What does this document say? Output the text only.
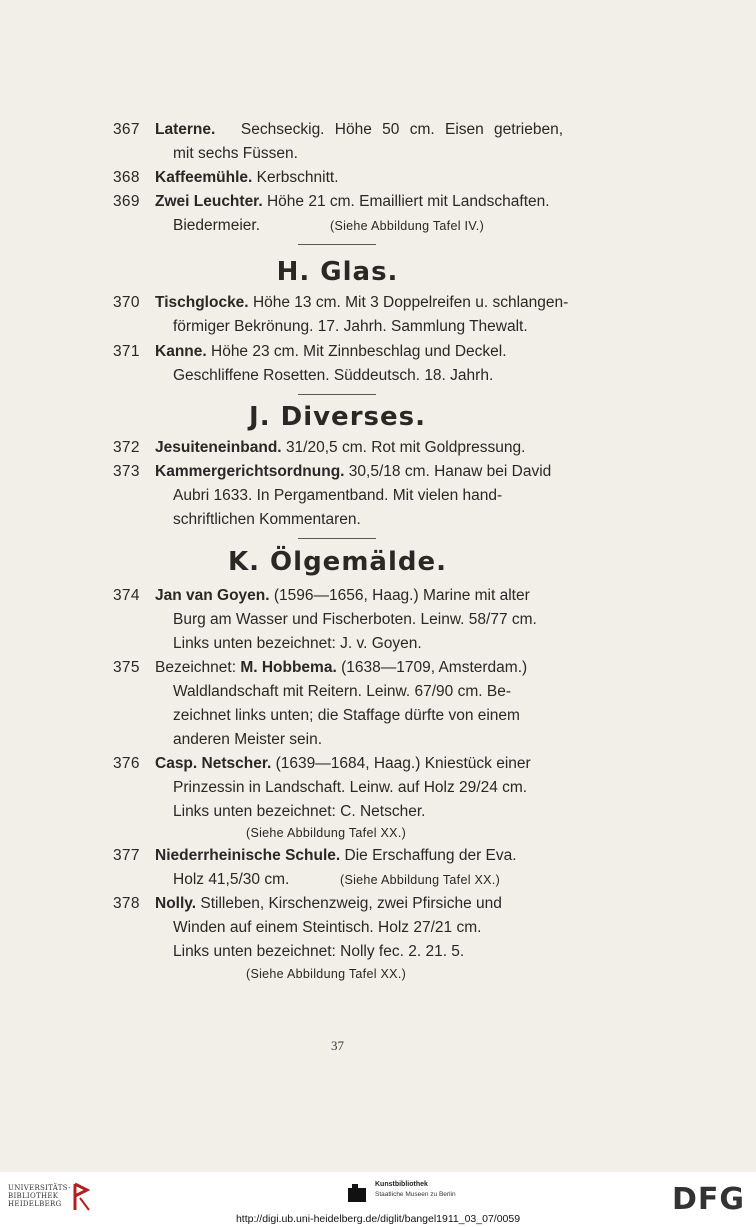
367 Laterne. Sechseckig. Höhe 50 cm. Eisen getrieben,
mit sechs Füssen.
368 Kaffeemühle. Kerbschnitt.
369 Zwei Leuchter. Höhe 21 cm. Emailliert mit Landschaften.
Biedermeier.	(Siehe Abbildung Tafel IV.)
H. Glas.
370 Tischglocke. Höhe 13 cm. Mit 3 Doppelreifen u. schlangen-
förmiger Bekrönung. 17. Jahrh. Sammlung Thewalt.
371 Kanne. Höhe 23 cm. Mit Zinnbeschlag und Deckel.
Geschliffene Rosetten. Süddeutsch. 18. Jahrh.
J. Diverses.
372 Jesuiteneinband. 31/20,5 cm. Rot mit Goldpressung.
373 Kammergerichtsordnung. 30,5/18 cm. Hanaw bei David
Aubri 1633. In Pergamentband. Mit vielen hand-
schriftlichen Kommentaren.
K. Ölgemälde.
374 Jan van Goyen. (1596—1656, Haag.) Marine mit alter
Burg am Wasser und Fischerboten. Leinw. 58/77 cm.
Links unten bezeichnet: J. v. Goyen.
375 Bezeichnet: M. Hobbema. (1638—1709, Amsterdam.)
Waldlandschaft mit Reitern. Leinw. 67/90 cm. Be-
zeichnet links unten; die Staffage dürfte von einem
anderen Meister sein.
376 Casp. Netscher. (1639—1684, Haag.) Kniestück einer
Prinzessin in Landschaft. Leinw. auf Holz 29/24 cm.
Links unten bezeichnet: C. Netscher.
(Siehe Abbildung Tafel XX.)
377 Niederrheinische Schule. Die Erschaffung der Eva.
Holz 41,5/30 cm.	(Siehe Abbildung Tafel XX.)
378 Nolly. Stilleben, Kirschenzweig, zwei Pfirsiche und
Winden auf einem Steintisch. Holz 27/21 cm.
Links unten bezeichnet: Nolly fec. 2. 21. 5.
(Siehe Abbildung Tafel XX.)
37
UNIVERSITÄTS-
BIBLIOTHEK
HEIDELBERG
Kunstbibliothek
Staatliche Museen zu Berlin	DFG
http://digi.ub.uni-heidelberg.de/diglit/bangel1911_03_07/0059
